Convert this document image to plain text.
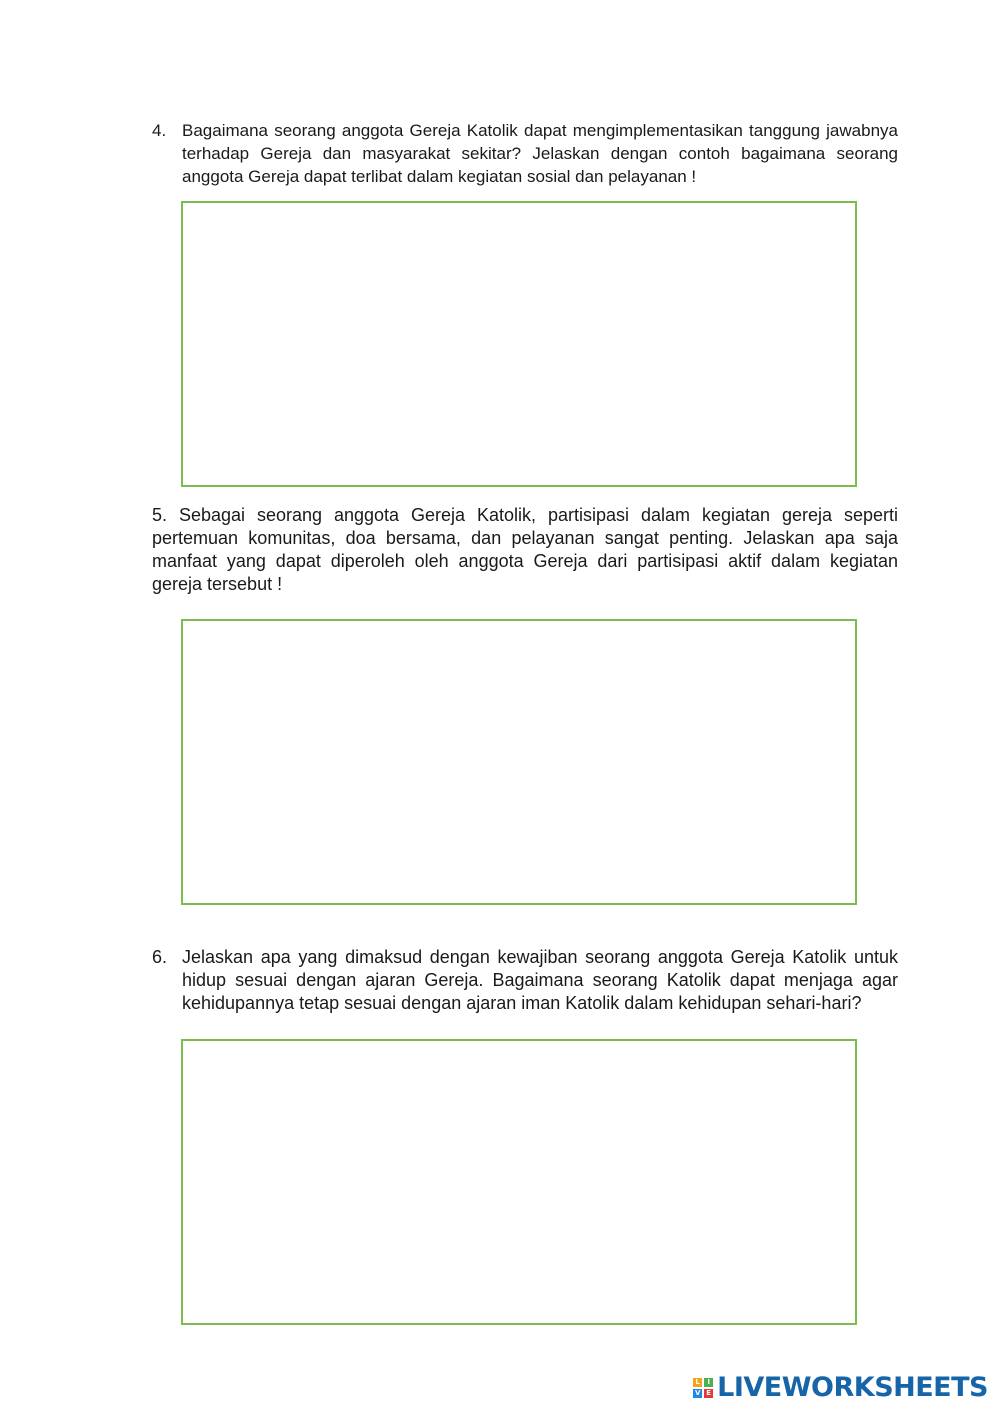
4. Bagaimana seorang anggota Gereja Katolik dapat mengimplementasikan tanggung jawabnya terhadap Gereja dan masyarakat sekitar? Jelaskan dengan contoh bagaimana seorang anggota Gereja dapat terlibat dalam kegiatan sosial dan pelayanan !
5. Sebagai seorang anggota Gereja Katolik, partisipasi dalam kegiatan gereja seperti pertemuan komunitas, doa bersama, dan pelayanan sangat penting. Jelaskan apa saja manfaat yang dapat diperoleh oleh anggota Gereja dari partisipasi aktif dalam kegiatan gereja tersebut !
6. Jelaskan apa yang dimaksud dengan kewajiban seorang anggota Gereja Katolik untuk hidup sesuai dengan ajaran Gereja. Bagaimana seorang Katolik dapat menjaga agar kehidupannya tetap sesuai dengan ajaran iman Katolik dalam kehidupan sehari-hari?
L	I
V E LIVEWORKSHEETS
